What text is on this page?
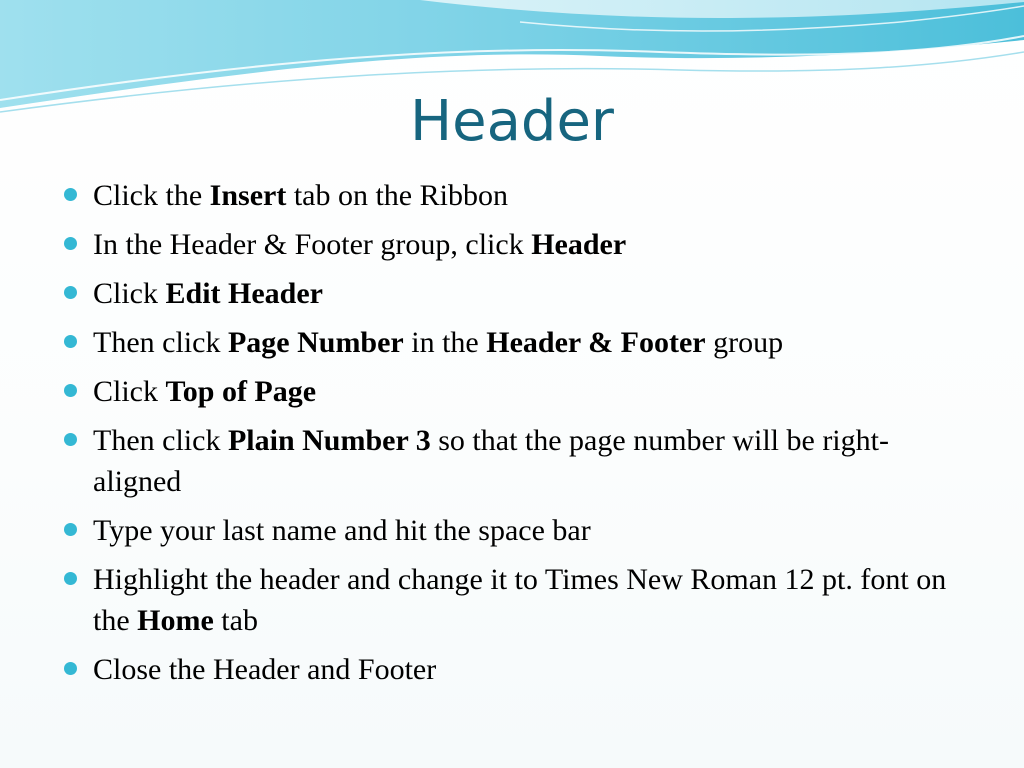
Header
Click the Insert tab on the Ribbon
In the Header & Footer group, click Header
Click Edit Header
Then click Page Number in the Header & Footer group
Click Top of Page
Then click Plain Number 3 so that the page number will be right-aligned
Type your last name and hit the space bar
Highlight the header and change it to Times New Roman 12 pt. font on the Home tab
Close the Header and Footer
